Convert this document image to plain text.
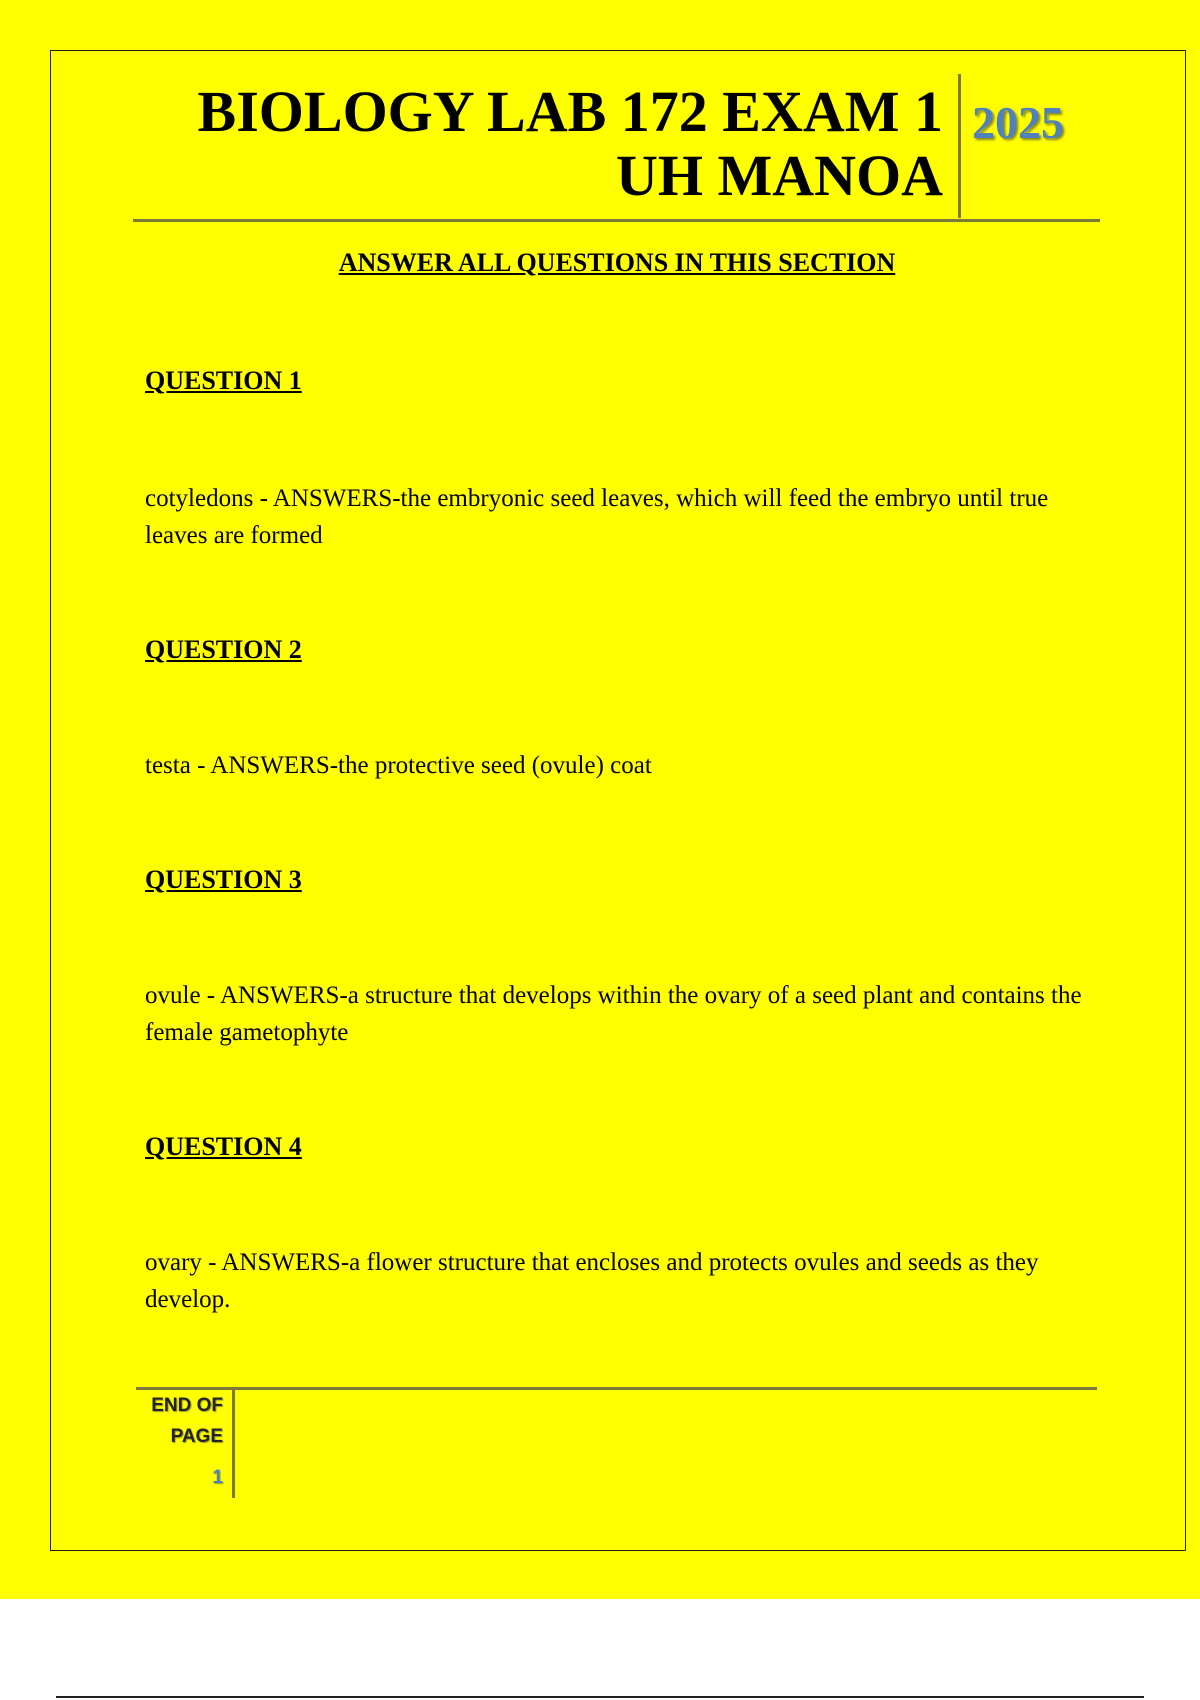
BIOLOGY LAB 172 EXAM 1
UH MANOA
2025
ANSWER ALL QUESTIONS IN THIS SECTION
QUESTION 1
cotyledons - ANSWERS-the embryonic seed leaves, which will feed the embryo until true leaves are formed
QUESTION 2
testa - ANSWERS-the protective seed (ovule) coat
QUESTION 3
ovule - ANSWERS-a structure that develops within the ovary of a seed plant and contains the female gametophyte
QUESTION 4
ovary - ANSWERS-a flower structure that encloses and protects ovules and seeds as they develop.
END OF
PAGE
1
